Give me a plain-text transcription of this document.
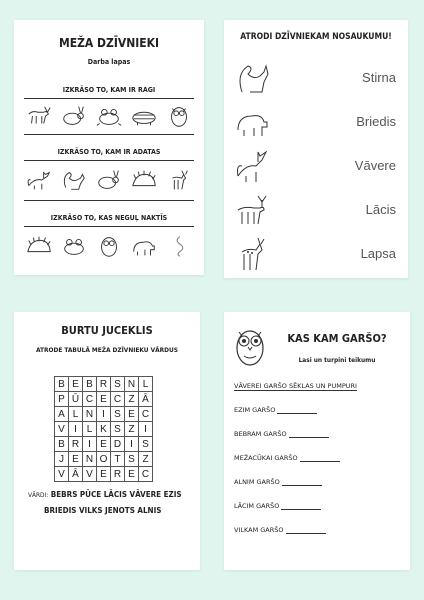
MEŽA DZĪVNIEKI
Darba lapas
IZKRĀSO TO, KAM IR RAGI
IZKRĀSO TO, KAM IR ADATAS
IZKRĀSO TO, KAS NEGUĻ NAKTĪS
ATRODI DZĪVNIEKAM NOSAUKUMU!
Stirna
Briedis
Vāvere
Lācis
Lapsa
BURTU JUCEKLIS
ATRODE TABULĀ MEŽA DZĪVNIEKU VĀRDUS
B	E	B	R	S	N	L
P	Ū	C	E	C	Z	Ā
A	L	N	I	S	E	C
V	I	L	K	S	Z	I
B	R	I	E	D	I	S
J	E	N	O	T	S	Z
V	Ā	V	E	R	E	C
VĀRDI: BEBRS PŪCE LĀCIS VĀVERE EZIS
BRIEDIS VILKS JENOTS ALNIS
KAS KAM GARŠO?
Lasi un turpini teikumu
VĀVEREI GARŠO SĒKLAS UN PUMPURI
EZIM GARŠO
BEBRAM GARŠO
MEŽACŪKAI GARŠO
ALNIM GARŠO
LĀCIM GARŠO
VILKAM GARŠO
